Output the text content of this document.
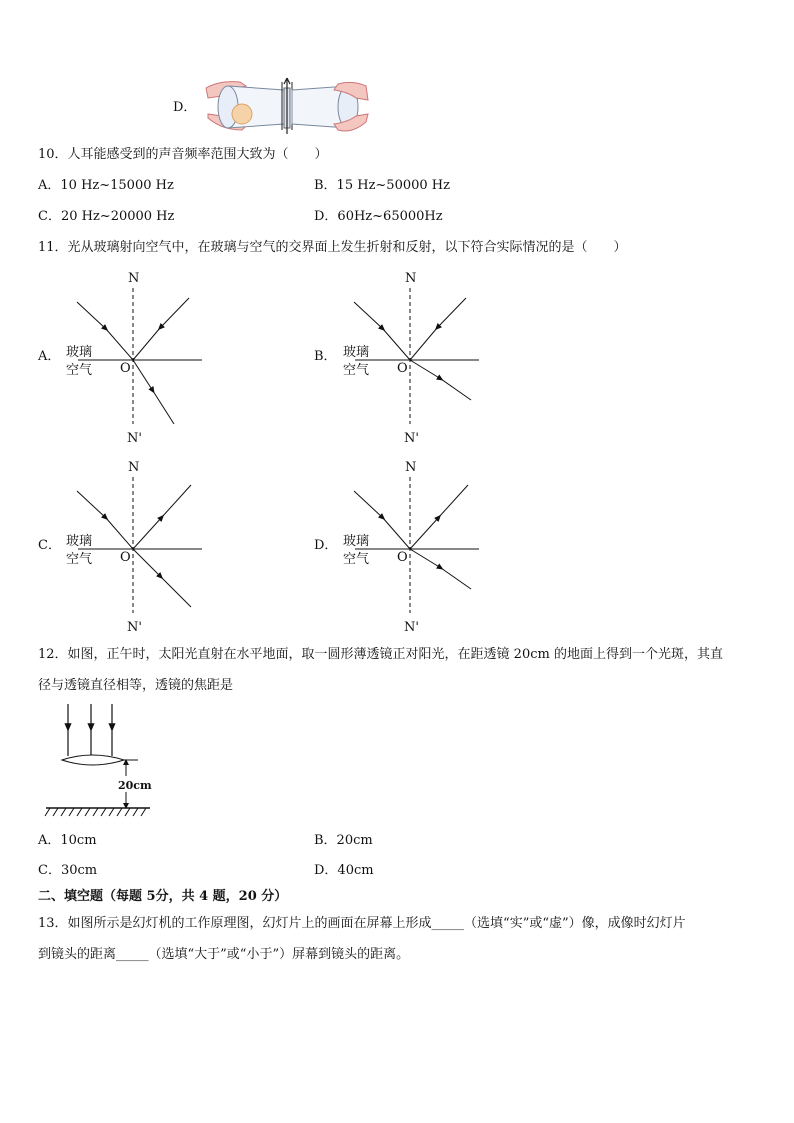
D．
10．人耳能感受到的声音频率范围大致为（　　）
A．10 Hz~15000 Hz	B．15 Hz~50000 Hz
C．20 Hz~20000 Hz	D．60Hz~65000Hz
11．光从玻璃射向空气中，在玻璃与空气的交界面上发生折射和反射，以下符合实际情况的是（　　）
A．	B．
C．	D．
N
N'
玻璃
空气 O
N
N'
玻璃
空气 O
N
N'
玻璃
空气 O
N
N'
玻璃
空气 O
12．如图，正午时，太阳光直射在水平地面，取一圆形薄透镜正对阳光，在距透镜 20cm 的地面上得到一个光斑，其直
径与透镜直径相等，透镜的焦距是
20cm
A．10cm	B．20cm
C．30cm	D．40cm
二、填空题（每题 5分，共 4 题，20 分）
13．如图所示是幻灯机的工作原理图，幻灯片上的画面在屏幕上形成_____（选填“实”或“虚”）像，成像时幻灯片
到镜头的距离_____（选填“大于”或“小于”）屏幕到镜头的距离。
